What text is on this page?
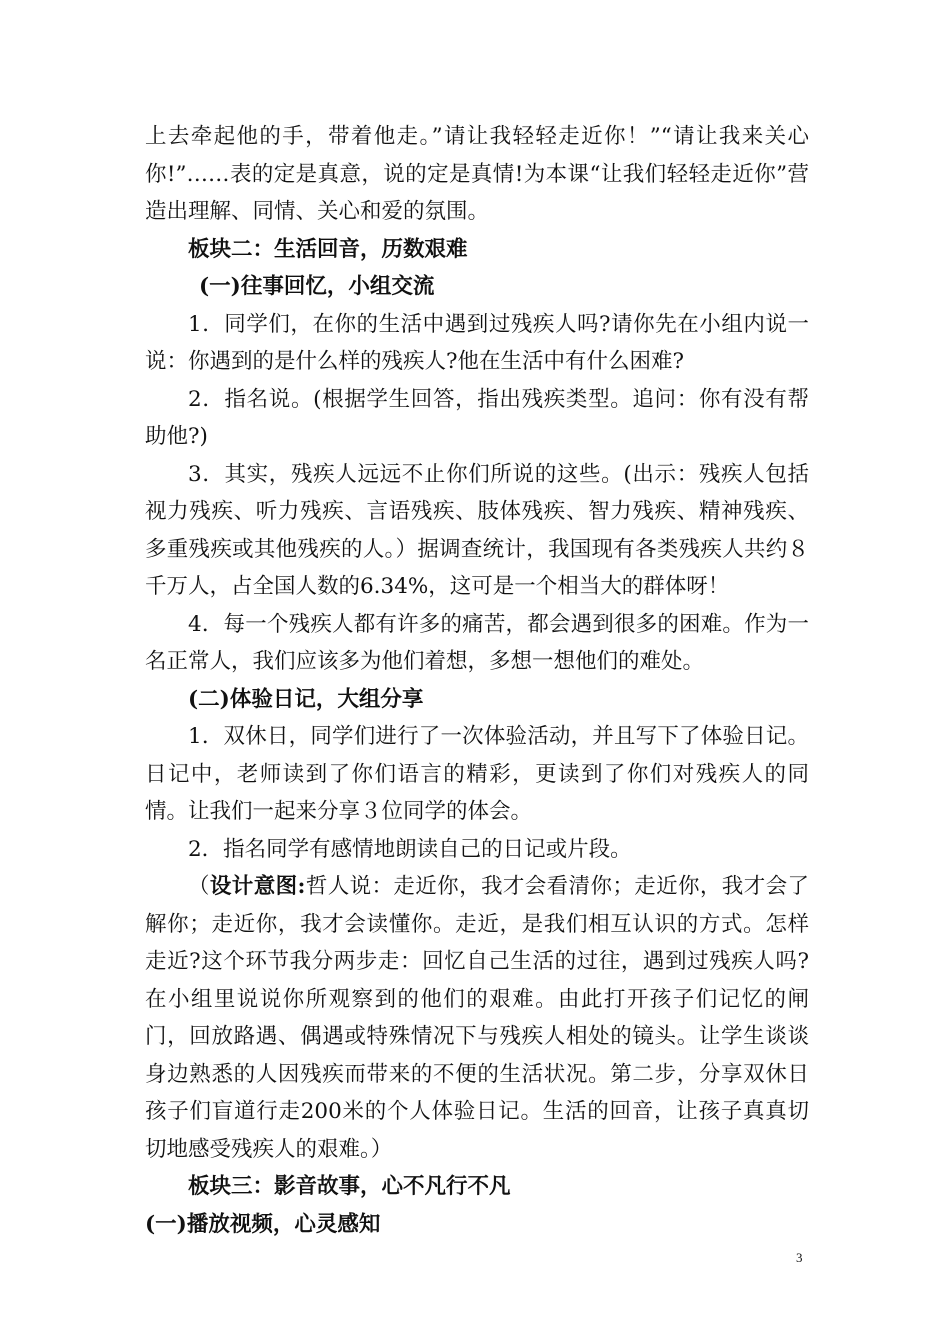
上去牵起他的手，带着他走。”请让我轻轻走近你！”“请让我来关心你!”……表的定是真意，说的定是真情!为本课“让我们轻轻走近你”营造出理解、同情、关心和爱的氛围。

板块二：生活回音，历数艰难

(一)往事回忆，小组交流

1．同学们，在你的生活中遇到过残疾人吗?请你先在小组内说一说：你遇到的是什么样的残疾人?他在生活中有什么困难?

2．指名说。(根据学生回答，指出残疾类型。追问：你有没有帮助他?)

3．其实，残疾人远远不止你们所说的这些。(出示：残疾人包括视力残疾、听力残疾、言语残疾、肢体残疾、智力残疾、精神残疾、多重残疾或其他残疾的人。）据调查统计，我国现有各类残疾人共约８千万人，占全国人数的6.34%，这可是一个相当大的群体呀！

4．每一个残疾人都有许多的痛苦，都会遇到很多的困难。作为一名正常人，我们应该多为他们着想，多想一想他们的难处。

(二)体验日记，大组分享

1．双休日，同学们进行了一次体验活动，并且写下了体验日记。日记中，老师读到了你们语言的精彩，更读到了你们对残疾人的同情。让我们一起来分享３位同学的体会。

2．指名同学有感情地朗读自己的日记或片段。

（设计意图:哲人说：走近你，我才会看清你；走近你，我才会了解你；走近你，我才会读懂你。走近，是我们相互认识的方式。怎样走近?这个环节我分两步走：回忆自己生活的过往，遇到过残疾人吗?在小组里说说你所观察到的他们的艰难。由此打开孩子们记忆的闸门，回放路遇、偶遇或特殊情况下与残疾人相处的镜头。让学生谈谈身边熟悉的人因残疾而带来的不便的生活状况。第二步，分享双休日孩子们盲道行走200米的个人体验日记。生活的回音，让孩子真真切切地感受残疾人的艰难。）

板块三：影音故事，心不凡行不凡

(一)播放视频，心灵感知

3
